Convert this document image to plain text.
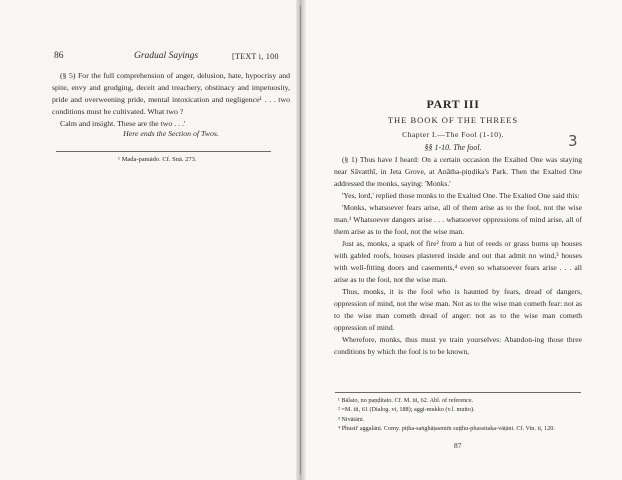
86	Gradual Sayings	[TEXT i, 100

(§ 5) For the full comprehension of anger, delusion, hate, hypocrisy and spite, envy and grudging, deceit and treachery, obstinacy and impetuosity, pride and overweening pride, mental intoxication and negligence¹ . . . two conditions must be cultivated. What two ?

Calm and insight. These are the two . . .'

Here ends the Section of Twos.
¹ Mada-pamādo. Cf. Snā. 273.
PART III
THE BOOK OF THE THREES
Chapter I.—The Fool (1-10).
§§ 1-10. The fool.	3

(§ 1) Thus have I heard: On a certain occasion the Exalted One was staying near Sāvatthī, in Jeta Grove, at Anātha-piṇḍika's Park. Then the Exalted One addressed the monks, saying: 'Monks.'

'Yes, lord,' replied those monks to the Exalted One. The Exalted One said this:

'Monks, whatsoever fears arise, all of them arise as to the fool, not the wise man.¹ Whatsoever dangers arise . . . whatsoever oppressions of mind arise, all of them arise as to the fool, not the wise man.

Just as, monks, a spark of fire² from a hut of reeds or grass burns up houses with gabled roofs, houses plastered inside and out that admit no wind,³ houses with well-fitting doors and casements,⁴ even so whatsoever fears arise . . . all arise as to the fool, not the wise man.

Thus, monks, it is the fool who is haunted by fears, dread of dangers, oppression of mind, not the wise man. Not as to the wise man cometh fear: not as to the wise man cometh dread of anger: not as to the wise man cometh oppression of mind.

Wherefore, monks, thus must ye train yourselves: Abandon-ing those three conditions by which the fool is to be known,

¹ Bālato, no paṇḍitato. Cf. M. iii, 62. Abl. of reference.

² =M. iii, 61 (Dialog. vi, 188); aggi-mukko (v.l. mutto).

³ Nivātāni.

⁴ Phusit' aggalāni. Comy. piṭha-saṅghāṭasmiṁ suṭṭhu-phassitaka-vāṭāni. Cf. Vin. ii, 120.

87
